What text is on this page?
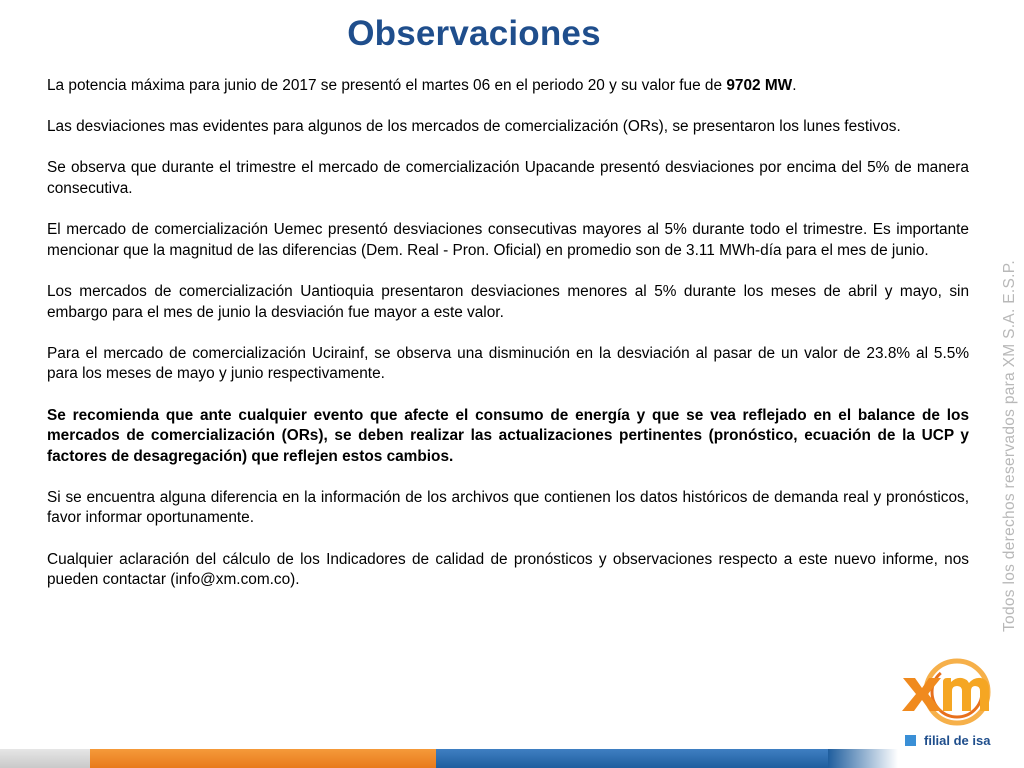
Observaciones

La potencia máxima para junio de 2017 se presentó el martes 06 en el periodo 20 y su valor fue de 9702 MW.

Las desviaciones mas evidentes para algunos de los mercados de comercialización (ORs), se presentaron los lunes festivos.

Se observa que durante el trimestre el mercado de comercialización Upacande presentó desviaciones por encima del 5% de manera consecutiva.

El mercado de comercialización Uemec presentó desviaciones consecutivas mayores al 5% durante todo el trimestre. Es importante mencionar que la magnitud de las diferencias (Dem. Real - Pron. Oficial) en promedio son de 3.11 MWh-día para el mes de junio.

Los mercados de comercialización Uantioquia presentaron desviaciones menores al 5% durante los meses de abril y mayo, sin embargo para el mes de junio la desviación fue mayor a este valor.

Para el mercado de comercialización Ucirainf, se observa una disminución en la desviación al pasar de un valor de 23.8% al 5.5% para los meses de mayo y junio respectivamente.

Se recomienda que ante cualquier evento que afecte el consumo de energía y que se vea reflejado en el balance de los mercados de comercialización (ORs), se deben realizar las actualizaciones pertinentes (pronóstico, ecuación de la UCP y factores de desagregación) que reflejen estos cambios.

Si se encuentra alguna diferencia en la información de los archivos que contienen los datos históricos de demanda real y pronósticos, favor informar oportunamente.

Cualquier aclaración del cálculo de los Indicadores de calidad de pronósticos y observaciones respecto a este nuevo informe, nos pueden contactar (info@xm.com.co).	Todos los derechos reservados para XM S.A. E.S.P.
filial de isa
